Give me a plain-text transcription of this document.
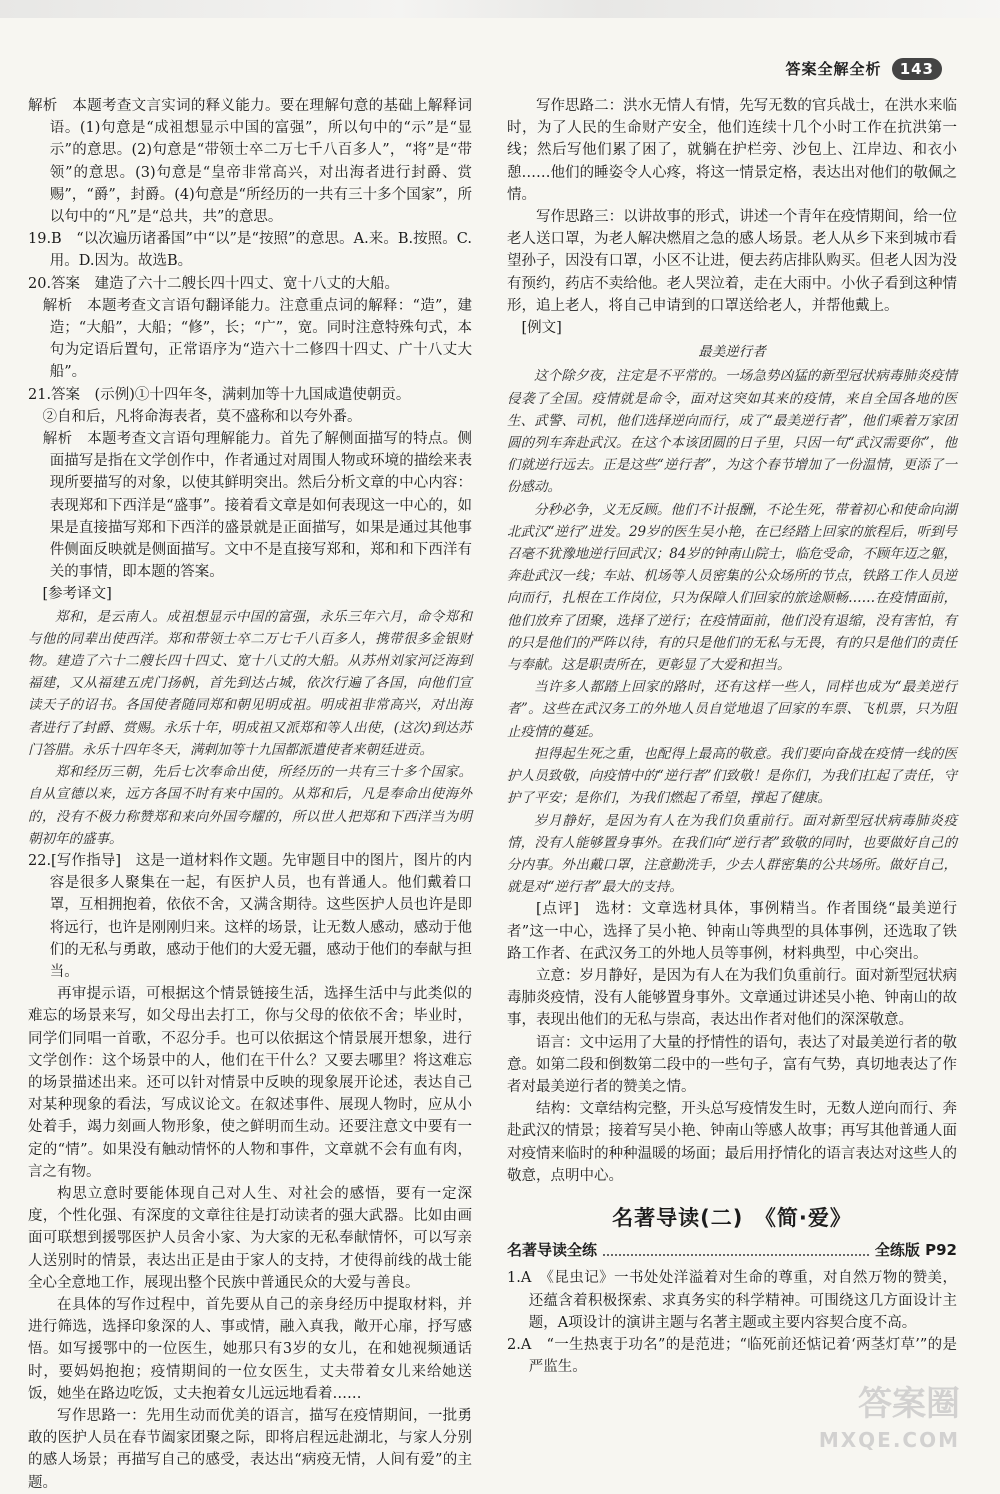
答案全解全析 143

解析　本题考查文言实词的释义能力。要在理解句意的基础上解释词语。(1)句意是“成祖想显示中国的富强”，所以句中的“示”是“显示”的意思。(2)句意是“带领士卒二万七千八百多人”，“将”是“带领”的意思。(3)句意是“皇帝非常高兴，对出海者进行封爵、赏赐”，“爵”，封爵。(4)句意是“所经历的一共有三十多个国家”，所以句中的“凡”是“总共，共”的意思。

19.B　“以次遍历诸番国”中“以”是“按照”的意思。A.来。B.按照。C.用。D.因为。故选B。

20.答案　建造了六十二艘长四十四丈、宽十八丈的大船。

　解析　本题考查文言语句翻译能力。注意重点词的解释：“造”，建造；“大船”，大船；“修”，长；“广”，宽。同时注意特殊句式，本句为定语后置句，正常语序为“造六十二修四十四丈、广十八丈大船”。

21.答案　(示例)①十四年冬，满剌加等十九国咸遣使朝贡。

　②自和后，凡将命海表者，莫不盛称和以夸外番。

　解析　本题考查文言语句理解能力。首先了解侧面描写的特点。侧面描写是指在文学创作中，作者通过对周围人物或环境的描绘来表现所要描写的对象，以使其鲜明突出。然后分析文章的中心内容：表现郑和下西洋是“盛事”。接着看文章是如何表现这一中心的，如果是直接描写郑和下西洋的盛景就是正面描写，如果是通过其他事件侧面反映就是侧面描写。文中不是直接写郑和，郑和和下西洋有关的事情，即本题的答案。

　[参考译文]

郑和，是云南人。成祖想显示中国的富强，永乐三年六月，命令郑和与他的同辈出使西洋。郑和带领士卒二万七千八百多人，携带很多金银财物。建造了六十二艘长四十四丈、宽十八丈的大船。从苏州刘家河泛海到福建，又从福建五虎门扬帆，首先到达占城，依次行遍了各国，向他们宣读天子的诏书。各国使者随同郑和朝见明成祖。明成祖非常高兴，对出海者进行了封爵、赏赐。永乐十年，明成祖又派郑和等人出使，(这次)到达苏门答腊。永乐十四年冬天，满剌加等十九国都派遣使者来朝廷进贡。

郑和经历三朝，先后七次奉命出使，所经历的一共有三十多个国家。自从宣德以来，远方各国不时有来中国的。从郑和后，凡是奉命出使海外的，没有不极力称赞郑和来向外国夸耀的，所以世人把郑和下西洋当为明朝初年的盛事。

22.[写作指导]　这是一道材料作文题。先审题目中的图片，图片的内容是很多人聚集在一起，有医护人员，也有普通人。他们戴着口罩，互相拥抱着，依依不舍，又满含期待。这些医护人员也许是即将远行，也许是刚刚归来。这样的场景，让无数人感动，感动于他们的无私与勇敢，感动于他们的大爱无疆，感动于他们的奉献与担当。

再审提示语，可根据这个情景链接生活，选择生活中与此类似的难忘的场景来写，如父母出去打工，你与父母的依依不舍；毕业时，同学们同唱一首歌，不忍分手。也可以依据这个情景展开想象，进行文学创作：这个场景中的人，他们在干什么？又要去哪里？将这难忘的场景描述出来。还可以针对情景中反映的现象展开论述，表达自己对某种现象的看法，写成议论文。在叙述事件、展现人物时，应从小处着手，竭力刻画人物形象，使之鲜明而生动。还要注意文中要有一定的“情”。如果没有触动情怀的人物和事件，文章就不会有血有肉，言之有物。

构思立意时要能体现自己对人生、对社会的感悟，要有一定深度，个性化强、有深度的文章往往是打动读者的强大武器。比如由画面可联想到援鄂医护人员舍小家、为大家的无私奉献情怀，可以写亲人送别时的情景，表达出正是由于家人的支持，才使得前线的战士能全心全意地工作，展现出整个民族中普通民众的大爱与善良。

在具体的写作过程中，首先要从自己的亲身经历中提取材料，并进行筛选，选择印象深的人、事或情，融入真我，敞开心扉，抒写感悟。如写援鄂中的一位医生，她那只有3岁的女儿，在和她视频通话时，要妈妈抱抱；疫情期间的一位女医生，丈夫带着女儿来给她送饭，她坐在路边吃饭，丈夫抱着女儿远远地看着……

写作思路一：先用生动而优美的语言，描写在疫情期间，一批勇敢的医护人员在春节阖家团聚之际，即将启程远赴湖北，与家人分别的感人场景；再描写自己的感受，表达出“病疫无情，人间有爱”的主题。

写作思路二：洪水无情人有情，先写无数的官兵战士，在洪水来临时，为了人民的生命财产安全，他们连续十几个小时工作在抗洪第一线；然后写他们累了困了，就躺在护栏旁、沙包上、江岸边、和衣小憩……他们的睡姿令人心疼，将这一情景定格，表达出对他们的敬佩之情。

写作思路三：以讲故事的形式，讲述一个青年在疫情期间，给一位老人送口罩，为老人解决燃眉之急的感人场景。老人从乡下来到城市看望孙子，因没有口罩，小区不让进，便去药店排队购买。但老人因为没有预约，药店不卖给他。老人哭泣着，走在大雨中。小伙子看到这种情形，追上老人，将自己申请到的口罩送给老人，并帮他戴上。

　[例文]

最美逆行者

这个除夕夜，注定是不平常的。一场急势凶猛的新型冠状病毒肺炎疫情侵袭了全国。疫情就是命令，面对这突如其来的疫情，来自全国各地的医生、武警、司机，他们选择逆向而行，成了“最美逆行者”，他们乘着万家团圆的列车奔赴武汉。在这个本该团圆的日子里，只因一句“武汉需要你”，他们就逆行远去。正是这些“逆行者”，为这个春节增加了一份温情，更添了一份感动。

分秒必争，义无反顾。他们不计报酬，不论生死，带着初心和使命向湖北武汉“逆行”进发。29岁的医生吴小艳，在已经踏上回家的旅程后，听到号召毫不犹豫地逆行回武汉；84岁的钟南山院士，临危受命，不顾年迈之躯，奔赴武汉一线；车站、机场等人员密集的公众场所的节点，铁路工作人员逆向而行，扎根在工作岗位，只为保障人们回家的旅途顺畅……在疫情面前，他们放弃了团聚，选择了逆行；在疫情面前，他们没有退缩，没有害怕，有的只是他们的严阵以待，有的只是他们的无私与无畏，有的只是他们的责任与奉献。这是职责所在，更彰显了大爱和担当。

当许多人都踏上回家的路时，还有这样一些人，同样也成为“最美逆行者”。这些在武汉务工的外地人员自觉地退了回家的车票、飞机票，只为阻止疫情的蔓延。

担得起生死之重，也配得上最高的敬意。我们要向奋战在疫情一线的医护人员致敬，向疫情中的“逆行者”们致敬！是你们，为我们扛起了责任，守护了平安；是你们，为我们燃起了希望，撑起了健康。

岁月静好，是因为有人在为我们负重前行。面对新型冠状病毒肺炎疫情，没有人能够置身事外。在我们向“逆行者”致敬的同时，也要做好自己的分内事。外出戴口罩，注意勤洗手，少去人群密集的公共场所。做好自己，就是对“逆行者”最大的支持。

[点评]　选材：文章选材具体，事例精当。作者围绕“最美逆行者”这一中心，选择了吴小艳、钟南山等典型的具体事例，还选取了铁路工作者、在武汉务工的外地人员等事例，材料典型，中心突出。

立意：岁月静好，是因为有人在为我们负重前行。面对新型冠状病毒肺炎疫情，没有人能够置身事外。文章通过讲述吴小艳、钟南山的故事，表现出他们的无私与崇高，表达出作者对他们的深深敬意。

语言：文中运用了大量的抒情性的语句，表达了对最美逆行者的敬意。如第二段和倒数第二段中的一些句子，富有气势，真切地表达了作者对最美逆行者的赞美之情。

结构：文章结构完整，开头总写疫情发生时，无数人逆向而行、奔赴武汉的情景；接着写吴小艳、钟南山等感人故事；再写其他普通人面对疫情来临时的种种温暖的场面；最后用抒情化的语言表达对这些人的敬意，点明中心。

名著导读(二)　《简·爱》
名著导读全练	全练版 P92

1.A　《昆虫记》一书处处洋溢着对生命的尊重，对自然万物的赞美，还蕴含着积极探索、求真务实的科学精神。可围绕这几方面设计主题，A项设计的演讲主题与名著主题或主要内容契合度不高。

2.A　“一生热衷于功名”的是范进；“临死前还惦记着‘两茎灯草’”的是严监生。

答案圈
MXQE.COM
